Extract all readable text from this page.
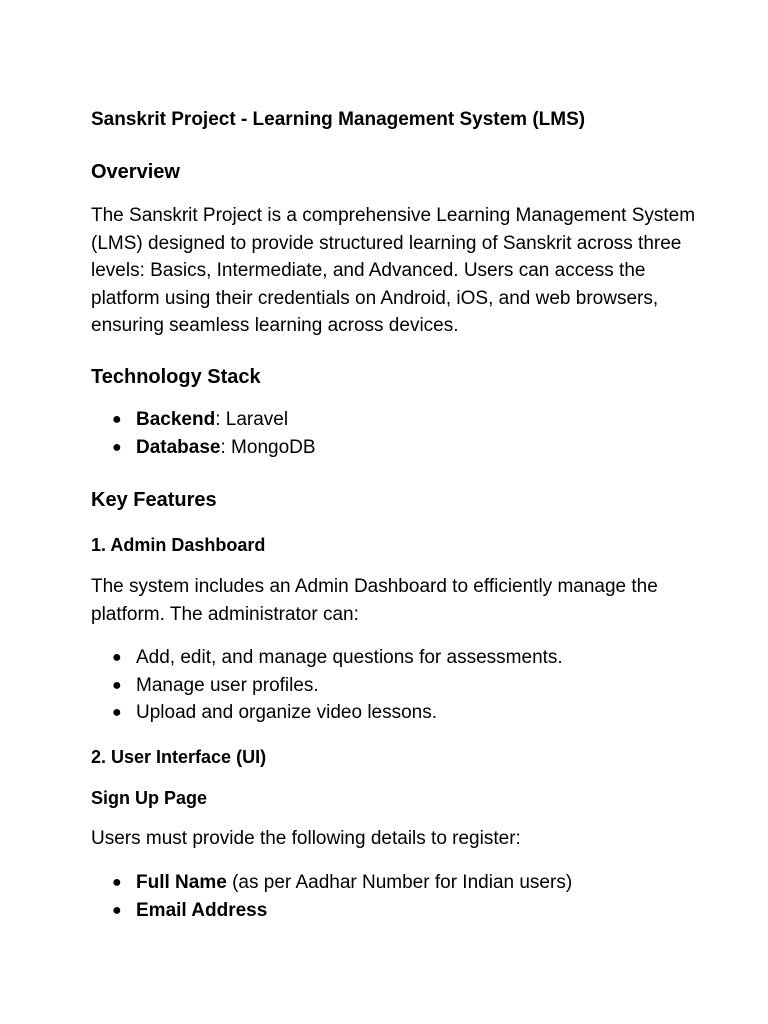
Sanskrit Project - Learning Management System (LMS)
Overview

The Sanskrit Project is a comprehensive Learning Management System (LMS) designed to provide structured learning of Sanskrit across three levels: Basics, Intermediate, and Advanced. Users can access the platform using their credentials on Android, iOS, and web browsers, ensuring seamless learning across devices.

Technology Stack
● Backend: Laravel
● Database: MongoDB
Key Features
1. Admin Dashboard

The system includes an Admin Dashboard to efficiently manage the platform. The administrator can:

● Add, edit, and manage questions for assessments.
● Manage user profiles.
● Upload and organize video lessons.
2. User Interface (UI)
Sign Up Page

Users must provide the following details to register:

● Full Name (as per Aadhar Number for Indian users)
● Email Address
